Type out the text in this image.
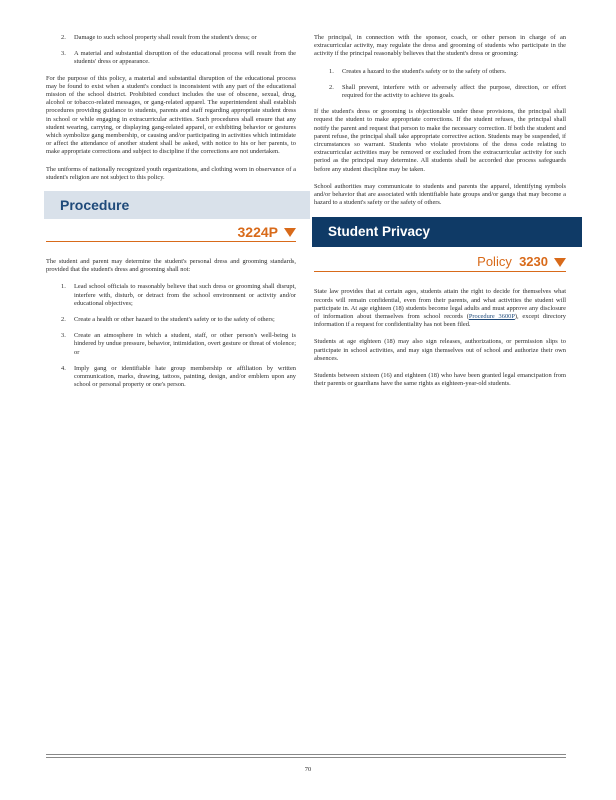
2. Damage to such school property shall result from the student's dress; or
3. A material and substantial disruption of the educational process will result from the students' dress or appearance.

For the purpose of this policy, a material and substantial disruption of the educational process may be found to exist when a student's conduct is inconsistent with any part of the educational mission of the school district. Prohibited conduct includes the use of obscene, sexual, drug, alcohol or tobacco-related messages, or gang-related apparel. The superintendent shall establish procedures providing guidance to students, parents and staff regarding appropriate student dress in school or while engaging in extracurricular activities. Such procedures shall ensure that any student wearing, carrying, or displaying gang-related apparel, or exhibiting behavior or gestures which symbolize gang membership, or causing and/or participating in activities which intimidate or affect the attendance of another student shall be asked, with notice to his or her parents, to make appropriate corrections and subject to discipline if the corrections are not undertaken.

The uniforms of nationally recognized youth organizations, and clothing worn in observance of a student's religion are not subject to this policy.

Procedure
3224P

The student and parent may determine the student's personal dress and grooming standards, provided that the student's dress and grooming shall not:

1. Lead school officials to reasonably believe that such dress or grooming shall disrupt, interfere with, disturb, or detract from the school environment or activity and/or educational objectives;
2. Create a health or other hazard to the student's safety or to the safety of others;
3. Create an atmosphere in which a student, staff, or other person's well-being is hindered by undue pressure, behavior, intimidation, overt gesture or threat of violence; or
4. Imply gang or identifiable hate group membership or affiliation by written communication, marks, drawing, tattoos, painting, design, and/or emblem upon any school or personal property or one's person.

The principal, in connection with the sponsor, coach, or other person in charge of an extracurricular activity, may regulate the dress and grooming of students who participate in the activity if the principal reasonably believes that the student's dress or grooming:

1. Creates a hazard to the student's safety or to the safety of others.
2. Shall prevent, interfere with or adversely affect the purpose, direction, or effort required for the activity to achieve its goals.

If the student's dress or grooming is objectionable under these provisions, the principal shall request the student to make appropriate corrections. If the student refuses, the principal shall notify the parent and request that person to make the necessary correction. If both the student and parent refuse, the principal shall take appropriate corrective action. Students may be suspended, if circumstances so warrant. Students who violate provisions of the dress code relating to extracurricular activities may be removed or excluded from the extracurricular activity for such period as the principal may determine. All students shall be accorded due process safeguards before any student discipline may be taken.

School authorities may communicate to students and parents the apparel, identifying symbols and/or behavior that are associated with identifiable hate groups and/or gangs that may become a hazard to a student's safety or the safety of others.

Student Privacy
Policy 3230

State law provides that at certain ages, students attain the right to decide for themselves what records will remain confidential, even from their parents, and what activities the student will participate in. At age eighteen (18) students become legal adults and must approve any disclosure of information about themselves from school records (Procedure 3600P), except directory information if a request for confidentiality has not been filed.

Students at age eighteen (18) may also sign releases, authorizations, or permission slips to participate in school activities, and may sign themselves out of school and authorize their own absences.

Students between sixteen (16) and eighteen (18) who have been granted legal emancipation from their parents or guardians have the same rights as eighteen-year-old students.

70
